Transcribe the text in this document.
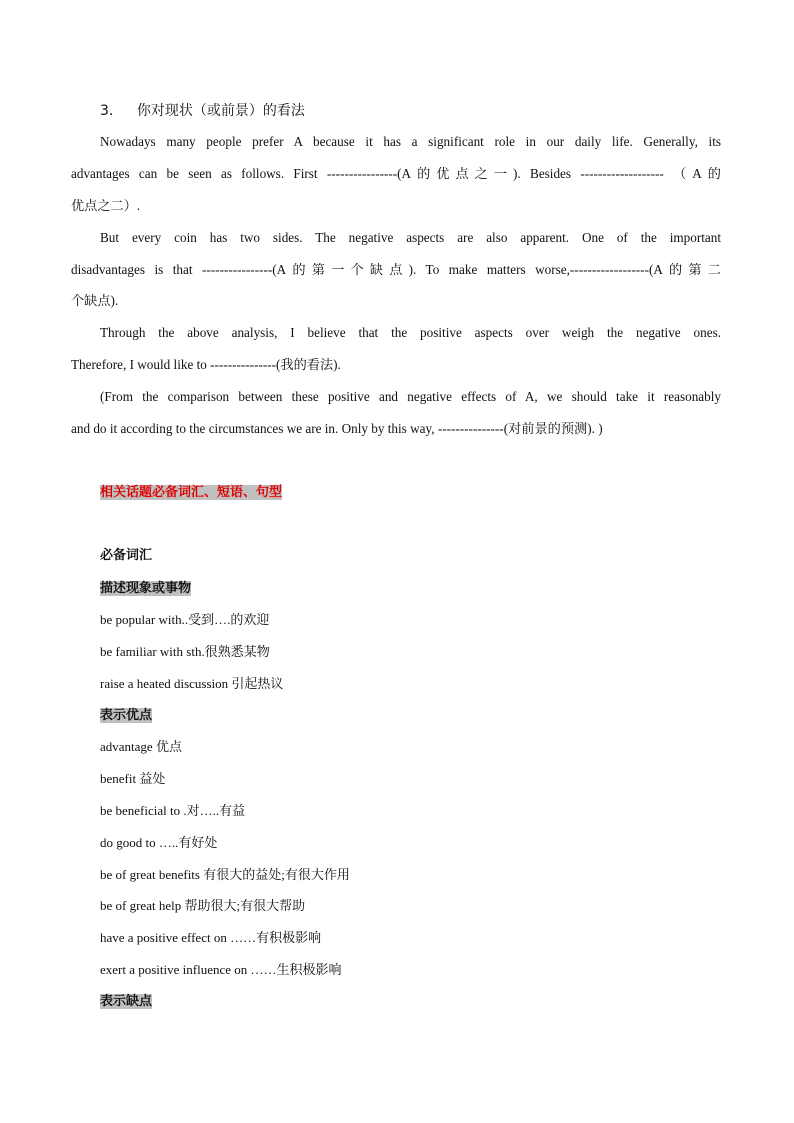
3． 你对现状（或前景）的看法
Nowadays many people prefer A because it has a significant role in our daily life. Generally, its
advantages can be seen as follows. First ----------------(A的优点之一). Besides ------------------- （A的
优点之二）.
But every coin has two sides. The negative aspects are also apparent. One of the important
disadvantages is that ----------------(A的第一个缺点). To make matters worse,------------------(A的第二
个缺点).
Through the above analysis, I believe that the positive aspects over weigh the negative ones.
Therefore, I would like to ---------------(我的看法).
(From the comparison between these positive and negative effects of A, we should take it reasonably
and do it according to the circumstances we are in. Only by this way, ---------------(对前景的预测). )
相关话题必备词汇、短语、句型
必备词汇
描述现象或事物
be popular with..受到….的欢迎
be familiar with sth.很熟悉某物
raise a heated discussion 引起热议
表示优点
advantage 优点
benefit 益处
be beneficial to .对…..有益
do good to …..有好处
be of great benefits 有很大的益处;有很大作用
be of great help 帮助很大;有很大帮助
have a positive effect on ……有积极影响
exert a positive influence on ……生积极影响
表示缺点
